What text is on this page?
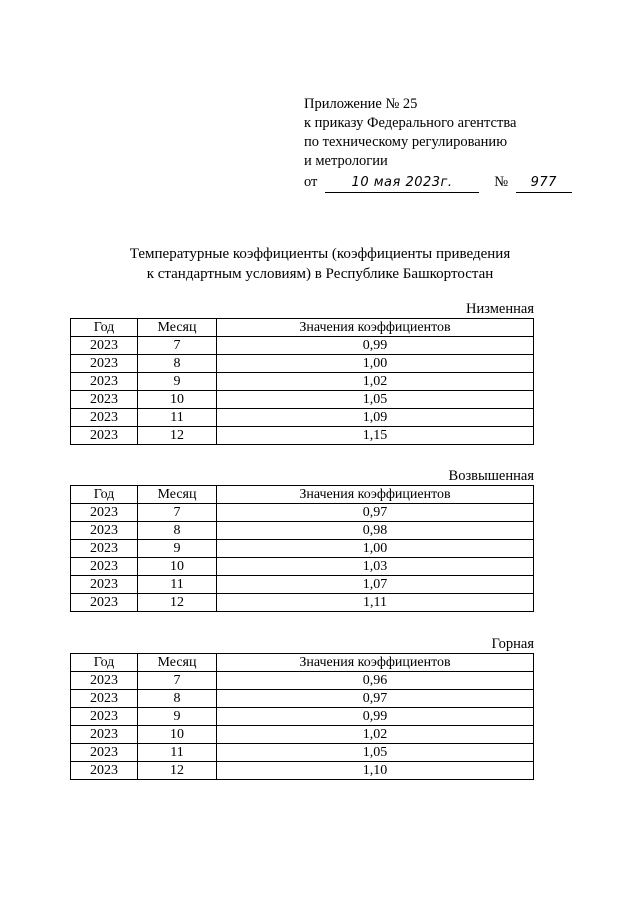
Приложение № 25
к приказу Федерального агентства
по техническому регулированию
и метрологии
от	10 мая 2023г.	№ 977
Температурные коэффициенты (коэффициенты приведения
к стандартным условиям) в Республике Башкортостан
Низменная
Год	Месяц	Значения коэффициентов
2023	7	0,99
2023	8	1,00
2023	9	1,02
2023	10	1,05
2023	11	1,09
2023	12	1,15
Возвышенная
Год	Месяц	Значения коэффициентов
2023	7	0,97
2023	8	0,98
2023	9	1,00
2023	10	1,03
2023	11	1,07
2023	12	1,11
Горная
Год	Месяц	Значения коэффициентов
2023	7	0,96
2023	8	0,97
2023	9	0,99
2023	10	1,02
2023	11	1,05
2023	12	1,10
